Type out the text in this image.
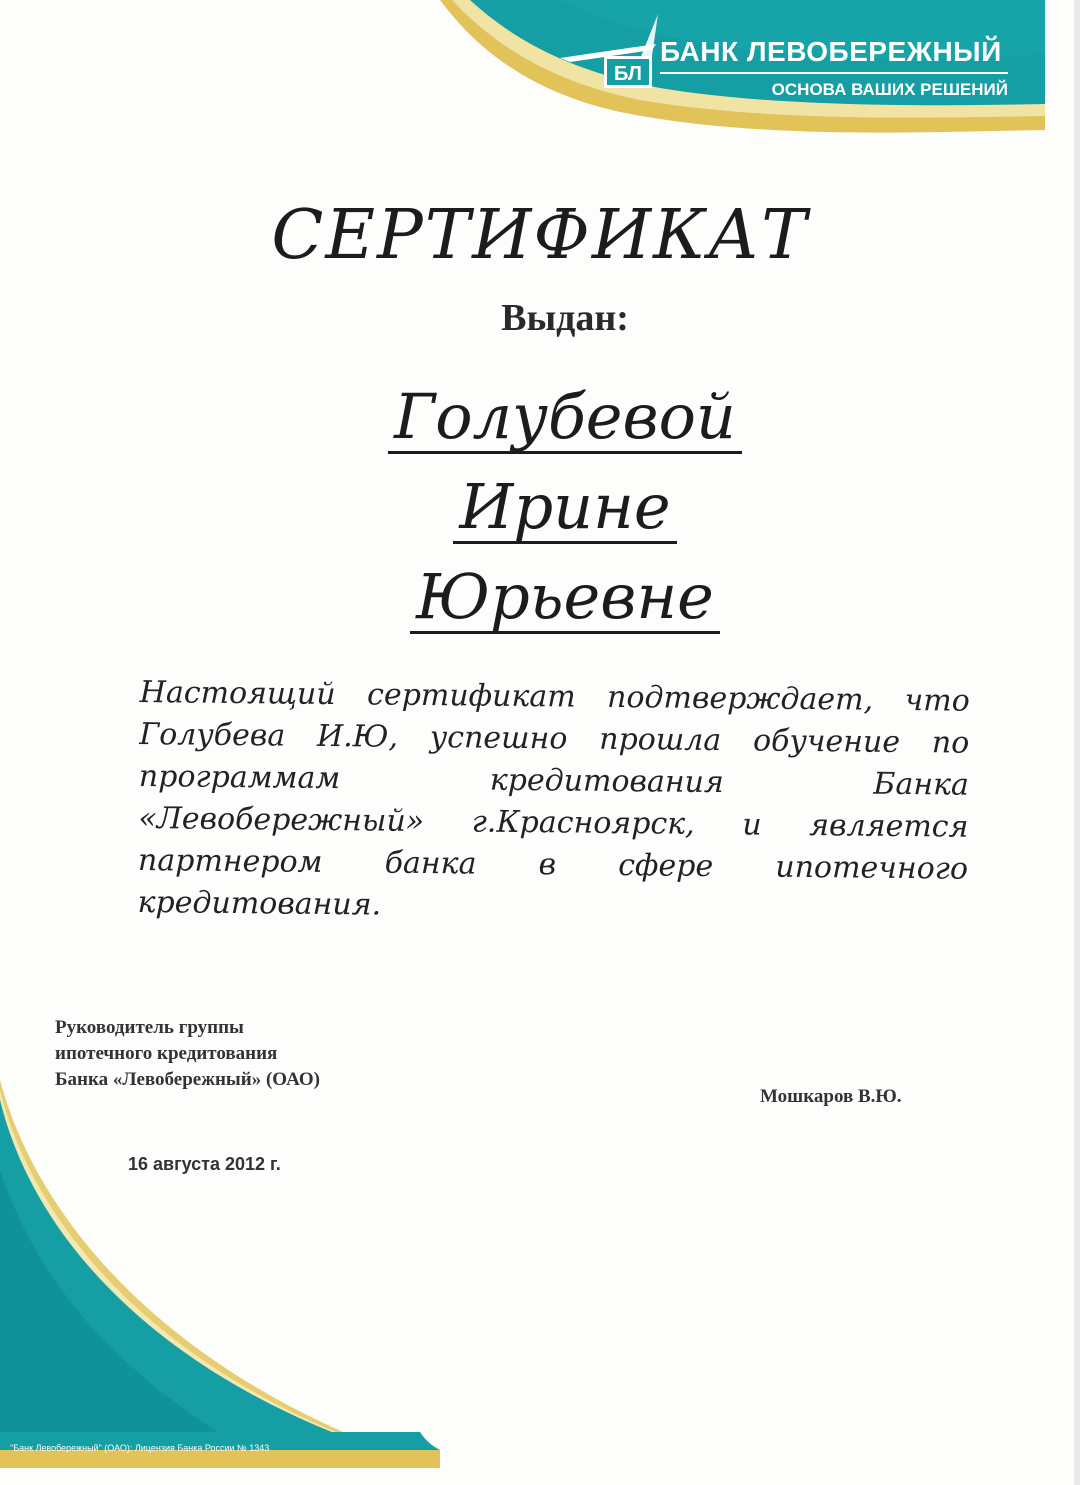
БЛ
БАНК ЛЕВОБЕРЕЖНЫЙ
ОСНОВА ВАШИХ РЕШЕНИЙ
СЕРТИФИКАТ
Выдан:
Голубевой
Ирине
Юрьевне
Настоящий сертификат подтверждает, что Голубева И.Ю, успешно прошла обучение по программам кредитования Банка «Левобережный» г.Красноярск, и является партнером банка в сфере ипотечного кредитования.
Руководитель группы
ипотечного кредитования
Банка «Левобережный» (ОАО)
Мошкаров В.Ю.
16 августа 2012 г.
"Банк Левобережный" (ОАО); Лицензия Банка России № 1343
